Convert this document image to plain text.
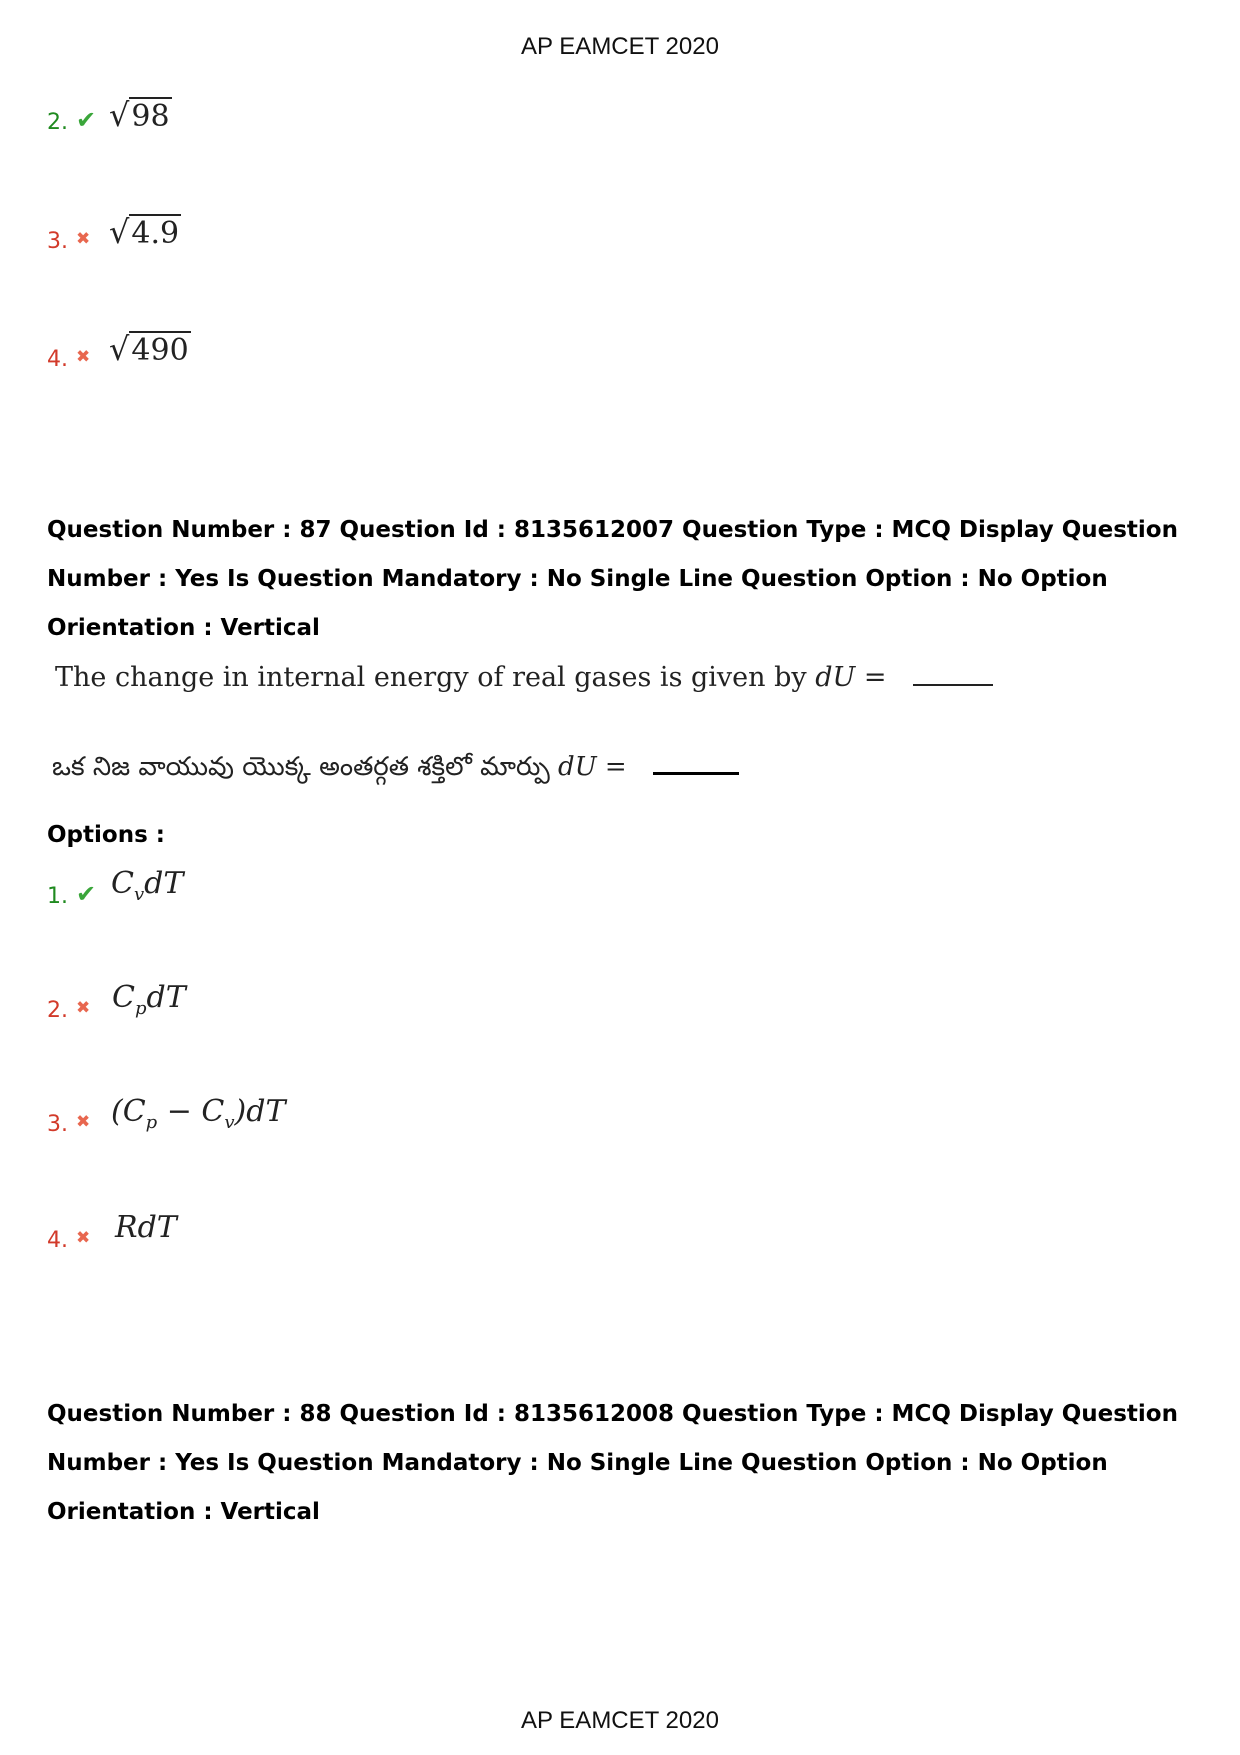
AP EAMCET 2020
2. ✔ √98
3. ✖ √4.9
4. ✖ √490
Question Number : 87 Question Id : 8135612007 Question Type : MCQ Display Question
Number : Yes Is Question Mandatory : No Single Line Question Option : No Option
Orientation : Vertical
The change in internal energy of real gases is given by dU =
ఒక నిజ వాయువు యొక్క అంతర్గత శక్తిలో మార్పు dU =
Options :
1. ✔ $C_vdT$
2. ✖ $C_pdT$
3. ✖ $(C_p - C_v)dT$
4. ✖ RdT
Question Number : 88 Question Id : 8135612008 Question Type : MCQ Display Question
Number : Yes Is Question Mandatory : No Single Line Question Option : No Option
Orientation : Vertical
AP EAMCET 2020
